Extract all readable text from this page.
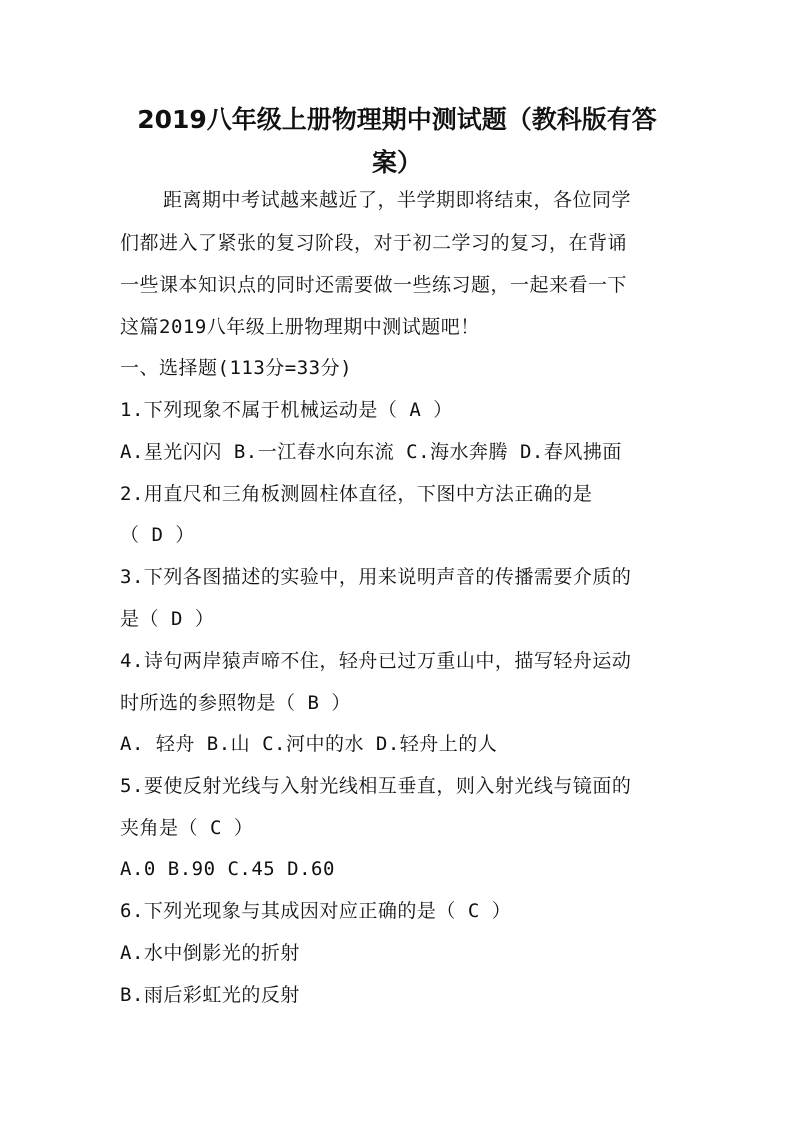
2019八年级上册物理期中测试题（教科版有答
案）
距离期中考试越来越近了，半学期即将结束，各位同学
们都进入了紧张的复习阶段，对于初二学习的复习，在背诵
一些课本知识点的同时还需要做一些练习题，一起来看一下
这篇2019八年级上册物理期中测试题吧！
一、选择题(113分=33分)
1.下列现象不属于机械运动是（ A ）
A.星光闪闪 B.一江春水向东流 C.海水奔腾 D.春风拂面
2.用直尺和三角板测圆柱体直径，下图中方法正确的是
（ D ）
3.下列各图描述的实验中，用来说明声音的传播需要介质的
是（ D ）
4.诗句两岸猿声啼不住，轻舟已过万重山中，描写轻舟运动
时所选的参照物是（ B ）
A. 轻舟 B.山 C.河中的水 D.轻舟上的人
5.要使反射光线与入射光线相互垂直，则入射光线与镜面的
夹角是（ C ）
A.0 B.90 C.45 D.60
6.下列光现象与其成因对应正确的是（ C ）
A.水中倒影光的折射
B.雨后彩虹光的反射
